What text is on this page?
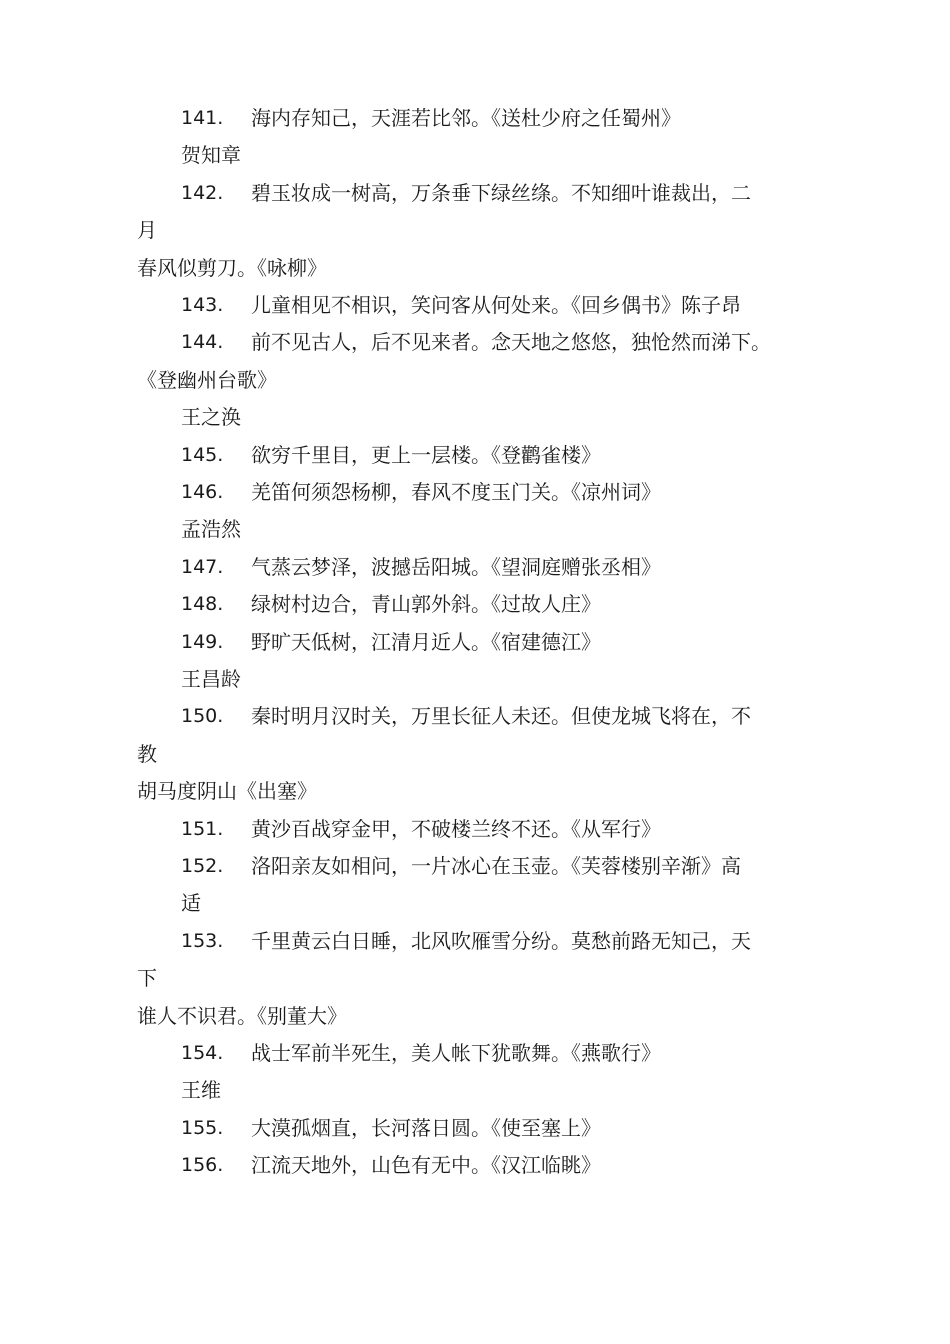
141. 海内存知己，天涯若比邻。《送杜少府之任蜀州》
贺知章
142. 碧玉妆成一树高，万条垂下绿丝绦。不知细叶谁裁出，二
月
春风似剪刀。《咏柳》
143. 儿童相见不相识，笑问客从何处来。《回乡偶书》陈子昂
144. 前不见古人，后不见来者。念天地之悠悠，独怆然而涕下。
《登幽州台歌》
王之涣
145. 欲穷千里目，更上一层楼。《登鹳雀楼》
146. 羌笛何须怨杨柳，春风不度玉门关。《凉州词》
孟浩然
147. 气蒸云梦泽，波撼岳阳城。《望洞庭赠张丞相》
148. 绿树村边合，青山郭外斜。《过故人庄》
149. 野旷天低树，江清月近人。《宿建德江》
王昌龄
150. 秦时明月汉时关，万里长征人未还。但使龙城飞将在，不
教
胡马度阴山《出塞》
151. 黄沙百战穿金甲，不破楼兰终不还。《从军行》
152. 洛阳亲友如相问，一片冰心在玉壶。《芙蓉楼别辛渐》高
适
153. 千里黄云白日睡，北风吹雁雪分纷。莫愁前路无知己，天
下
谁人不识君。《别董大》
154. 战士军前半死生，美人帐下犹歌舞。《燕歌行》
王维
155. 大漠孤烟直，长河落日圆。《使至塞上》
156. 江流天地外，山色有无中。《汉江临眺》
